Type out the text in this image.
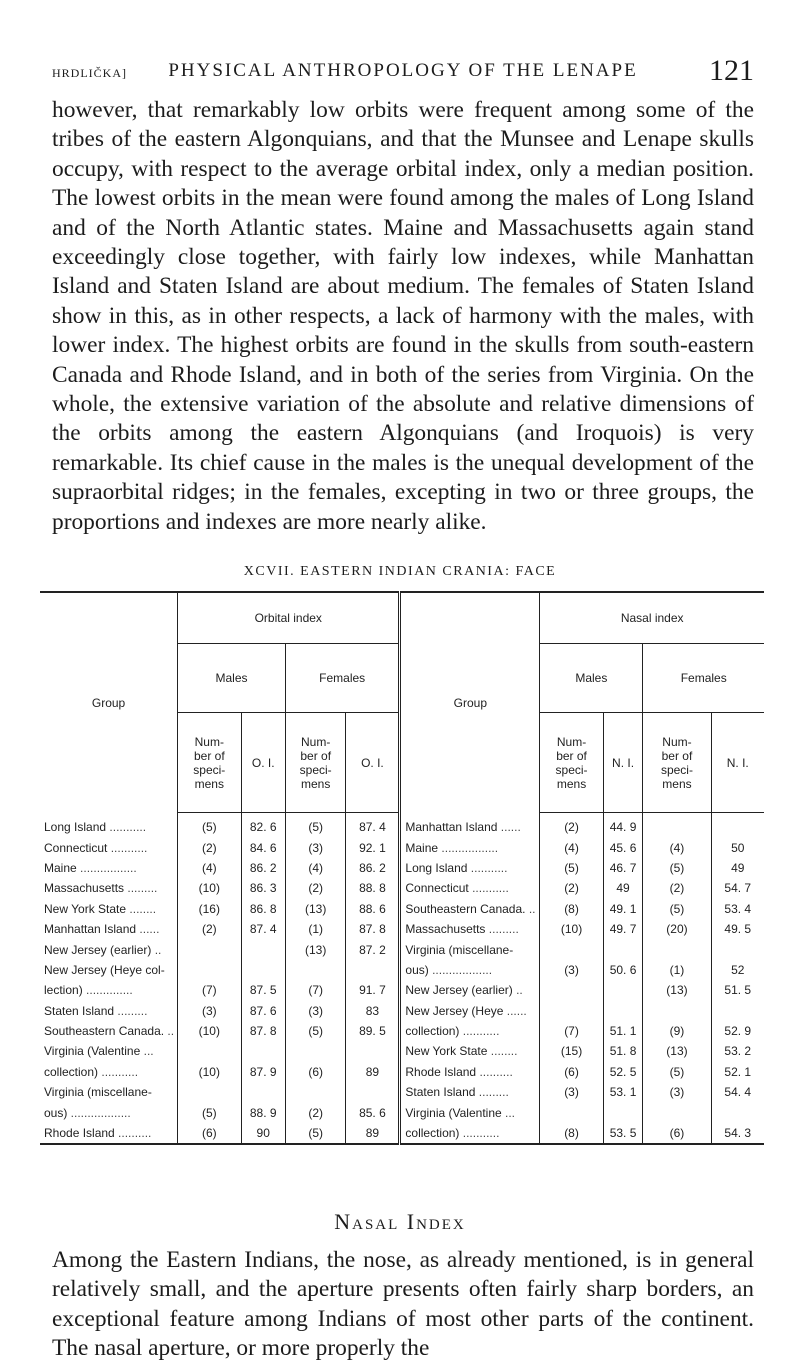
HRDLIČKA]	PHYSICAL ANTHROPOLOGY OF THE LENAPE	121

however, that remarkably low orbits were frequent among some of the tribes of the eastern Algonquians, and that the Munsee and Lenape skulls occupy, with respect to the average orbital index, only a median position. The lowest orbits in the mean were found among the males of Long Island and of the North Atlantic states. Maine and Massachusetts again stand exceedingly close together, with fairly low indexes, while Manhattan Island and Staten Island are about medium. The females of Staten Island show in this, as in other respects, a lack of harmony with the males, with lower index. The highest orbits are found in the skulls from south-eastern Canada and Rhode Island, and in both of the series from Virginia. On the whole, the extensive variation of the absolute and relative dimensions of the orbits among the eastern Algonquians (and Iroquois) is very remarkable. Its chief cause in the males is the unequal development of the supraorbital ridges; in the females, excepting in two or three groups, the proportions and indexes are more nearly alike.

XCVII. EASTERN INDIAN CRANIA: FACE
Group	Orbital index				Group	Nasal index			
	Males		Females			Males		Females	
	Num-
ber of
speci-
mens	O. I.	Num-
ber of
speci-
mens	O. I.		Num-
ber of
speci-
mens	N. I.	Num-
ber of
speci-
mens	N. I.
Long Island ...........	(5)	82. 6	(5)	87. 4	Manhattan Island ......	(2)	44. 9		
Connecticut ...........	(2)	84. 6	(3)	92. 1	Maine .................	(4)	45. 6	(4)	50
Maine .................	(4)	86. 2	(4)	86. 2	Long Island ...........	(5)	46. 7	(5)	49
Massachusetts .........	(10)	86. 3	(2)	88. 8	Connecticut ...........	(2)	49	(2)	54. 7
New York State ........	(16)	86. 8	(13)	88. 6	Southeastern Canada. ..	(8)	49. 1	(5)	53. 4
Manhattan Island ......	(2)	87. 4	(1)	87. 8	Massachusetts .........	(10)	49. 7	(20)	49. 5
New Jersey (earlier) ..			(13)	87. 2	Virginia (miscellane-				
New Jersey (Heye col-					ous) ..................	(3)	50. 6	(1)	52
lection) ..............	(7)	87. 5	(7)	91. 7	New Jersey (earlier) ..			(13)	51. 5
Staten Island .........	(3)	87. 6	(3)	83	New Jersey (Heye ......				
Southeastern Canada. ..	(10)	87. 8	(5)	89. 5	collection) ...........	(7)	51. 1	(9)	52. 9
Virginia (Valentine ...					New York State ........	(15)	51. 8	(13)	53. 2
collection) ...........	(10)	87. 9	(6)	89	Rhode Island ..........	(6)	52. 5	(5)	52. 1
Virginia (miscellane-					Staten Island .........	(3)	53. 1	(3)	54. 4
ous) ..................	(5)	88. 9	(2)	85. 6	Virginia (Valentine ...				
Rhode Island ..........	(6)	90	(5)	89	collection) ...........	(8)	53. 5	(6)	54. 3
Nasal Index

Among the Eastern Indians, the nose, as already mentioned, is in general relatively small, and the aperture presents often fairly sharp borders, an exceptional feature among Indians of most other parts of the continent. The nasal aperture, or more properly the
